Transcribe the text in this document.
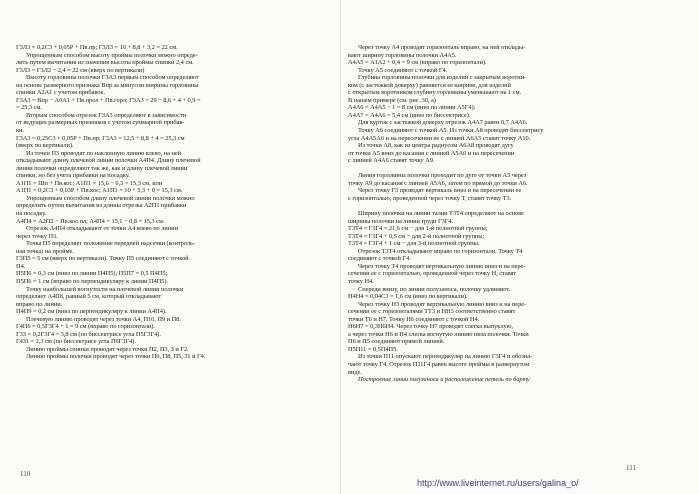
Г3Л3 = 0,2С3 + 0,05Р + Пв.пр; Г3Л3 = 10 + 8,8 + 3,2 = 22 см.
Упрощенным способом высоту проймы полочки можно опреде-
лить путем вычитания из значения высоты проймы спинки 2,4 см.
Г3Л3 = Г3Л2 − 2,4 = 22 см (вверх по вертикали)
Высоту горловины полочки Г3А3 первым способом определяют
на основе размерного признака Впр за минусом ширины горловины
спинки А2А1 с учетом прибавок.
Г3А3 = Впр − А0А1 + Пв.прол + Пв.горл; Г3А3 = 29 − 8,6 + 4 + 0,9 =
= 25,3 см.
Вторым способом отрезок Г3А3 определяют в зависимости
от ведущих размерных признаков с учетом суммарной прибав-
ки.
Г3А3 = 0,25С3 + 0,05Р + Пв.пр; Г3А3 = 12,5 + 8,8 + 4 = 25,3 см
(вверх по вертикали).
Из точки П3 проводят по наклонную линию влево, на ней
откладывают длину плечевой линии полочки А4П4. Длину плечевой
линии полочки определяют так же, как и длину плечевой линии
спинки, но без учета прибавки на посадку.
А1П1 = Шп + Пв.кос; А1П1 = 15,6 − 0,3 = 15,3 см, или
А1П1 = 0,2С3 + 0,03Р + Пв.кос; А1П1 = 10 + 5,3 + 0 = 15,3 см.
Упрощенным способом длину плечевой линии полочки можно
определить путем вычитания из длины отрезка А2П1 прибавки
на посадку.
А4П4 = А2П2 − Пв.кос.пл; А4П4 = 15,1 − 0,8 = 15,3 см.
Отрезок А4П4 откладывают от точки А4 влево по линии
через точку П3.
Точка П5 определяет положение передней надсечки (контроль-
ная точка) на пройме.
Г3П5 = 5 см (вверх по вертикали). Точку П5 соединяют с точкой
П4.
П5П6 = 0,3 см (вниз по линии П4П5); П5П7 = 0,5 П4П5;
П5П6 = 1 см (вправо по перпендикуляру к линии П4П5).
Точку наибольшей вогнутости на плечевой линии полочки
определяет А4П8, равный 5 см, который откладывают
вправо по линии.
П4П9 = 0,2 см (вниз по перпендикуляру к линии А4П4).
Плечевую линию проводят через точки А4, П10, П9 и П8.
Г4П6 = 0,5Г3Г4 + 1 = 9 см (вправо по горизонтали).
Г3З = 0,2Г3Г4 = 3,8 см (по биссектрисе угла П5Г3Г4).
Г4З1 = 2,3 см (по биссектрисе угла П6Г3Г4).
Линию проймы спинки проводят через точки П2, П3, З и Г2.
Линию проймы полочки проводят через точки П6, П8, П5, З1 и Г4.
Через точку А4 проводят горизонталь вправо, на ней отклады-
вают ширину горловины полочки А4А5.
А4А5 = А1А2 + 0,4 = 9 см (вправо по горизонтали).
Точку А5 соединяют с точкой Г4.
Глубина горловины полочки для изделий с закрытым воротни-
ком (с застежкой доверху) равняется ее ширине, для изделий
с открытым воротником глубину горловины уменьшают на 1 см.
В нашем примере (см. рис. 30, а)
А4А6 = А4А5 − 1 = 8 см (вниз по линии А5Г4);
А4А7 = А4А6 = 5,4 см (вниз по биссектрисе).
Для курток с застежкой доверху отрезок А4А7 равен 0,7 А4А6.
Точку А6 соединяют с точкой А5. Из точки А8 проводят биссектрису
угла А4А5А6 и на пересечении ее с линией А6А5 ставят точку А10.
Из точки А8, как из центра радиусом А6А8 проводят дугу
от точки А5 вниз до касания с линией А5А6 и на пересечении
с линией А4А6 ставят точку А9.

Линия горловины полочки проходит по дуге от точки А5 через
точку А9 до касания с линией А5А6, затем по прямой до точки А6.
Через точку Г3 проводят вертикаль вниз и на пересечении ее
с горизонталью, проведенной через точку Т, ставят точку Т3.

Ширину полочки на линии талии Т3Т4 определяют на основе
ширины полочки на линии груди Г3Г4.
Т3Т4 = Г3Г4 = 21,6 см − для 1-й полнотной группы;
Т3Т4 = Г3Г4 + 0,5 см − для 2-й полнотной группы;
Т3Т4 = Г3Г4 + 1 см − для 3-й полнотной группы.
Отрезок Т3Т4 откладывают вправо по горизонтали. Точку Т4
соединяют с точкой Г4.
Через точку Т4 проводят вертикальную линию вниз и на пере-
сечении ее с горизонталью, проведенной через точку Н, ставят
точку Н4.
Спереди внизу, по линии полузаноса, полочку удлиняют.
Н4Н4 = 0,04С3 = 1,6 см (вниз по вертикали).
Через точку Н3 проводят вертикальную линию вниз и на пере-
сечении ее с горизонталями ТТ3 и НН3 соответственно ставят
точки Т6 и Н7. Точку Н6 соединяют с точкой Н4.
Н6Н7 = 0,3Н6Н4. Через точку Н7 проводят слегка выпуклую,
а через точки Н6 и Н4 слегка вогнутую линию низа полочки. Точки
П6 и П5 соединяют прямой линией.
П5П11 = 0,5П4П5.
Из точки П11 опускают перпендикуляр на линию Г3Г4 и обозна-
чают точку Г4. Отрезок П11Г4 равен высоте проймы в развернутом
виде.
Построение линии полузаноса и расположение петель по борту
110
111
http://www.liveinternet.ru/users/galina_o/
